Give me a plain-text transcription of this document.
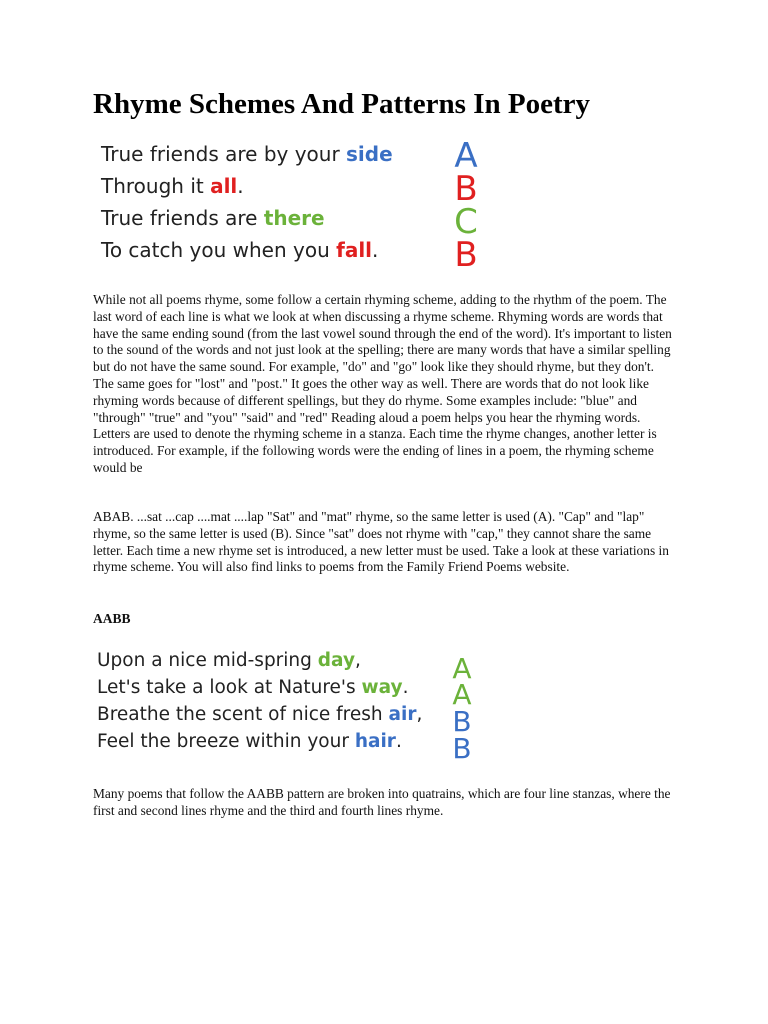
Rhyme Schemes And Patterns In Poetry
True friends are by your side
Through it all.
True friends are there
To catch you when you fall.
A
B
C
B

While not all poems rhyme, some follow a certain rhyming scheme, adding to the rhythm of the poem. The last word of each line is what we look at when discussing a rhyme scheme. Rhyming words are words that have the same ending sound (from the last vowel sound through the end of the word). It's important to listen to the sound of the words and not just look at the spelling; there are many words that have a similar spelling but do not have the same sound. For example, "do" and "go" look like they should rhyme, but they don't. The same goes for "lost" and "post." It goes the other way as well. There are words that do not look like rhyming words because of different spellings, but they do rhyme. Some examples include: "blue" and "through" "true" and "you" "said" and "red" Reading aloud a poem helps you hear the rhyming words. Letters are used to denote the rhyming scheme in a stanza. Each time the rhyme changes, another letter is introduced. For example, if the following words were the ending of lines in a poem, the rhyming scheme would be

ABAB. ...sat ...cap ....mat ....lap "Sat" and "mat" rhyme, so the same letter is used (A). "Cap" and "lap" rhyme, so the same letter is used (B). Since "sat" does not rhyme with "cap," they cannot share the same letter. Each time a new rhyme set is introduced, a new letter must be used. Take a look at these variations in rhyme scheme. You will also find links to poems from the Family Friend Poems website.

AABB
Upon a nice mid-spring day,
Let's take a look at Nature's way.
Breathe the scent of nice fresh air,
Feel the breeze within your hair.
A
A
B
B

Many poems that follow the AABB pattern are broken into quatrains, which are four line stanzas, where the first and second lines rhyme and the third and fourth lines rhyme.
